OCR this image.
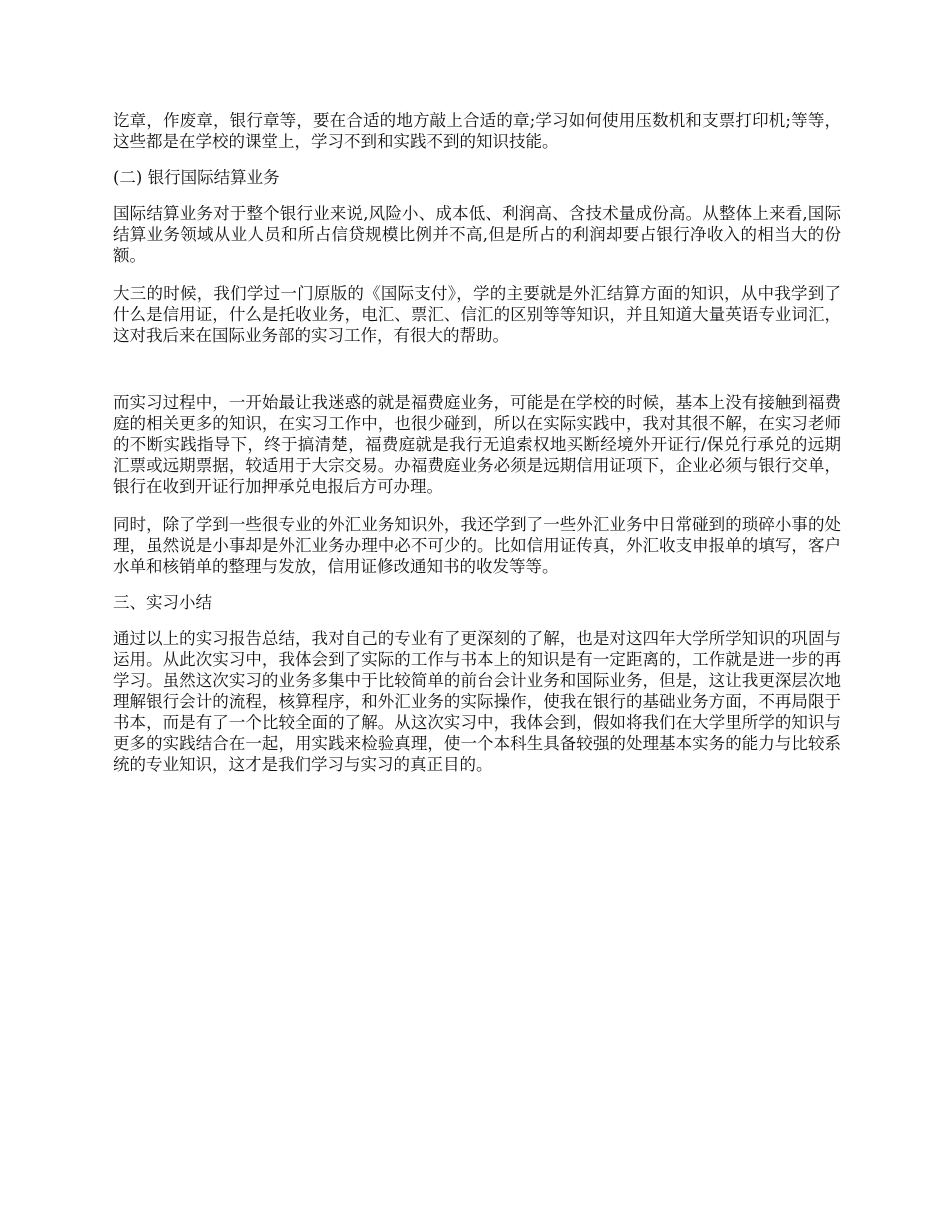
讫章，作废章，银行章等，要在合适的地方敲上合适的章;学习如何使用压数机和支票打印机;等等，这些都是在学校的课堂上，学习不到和实践不到的知识技能。

(二) 银行国际结算业务

国际结算业务对于整个银行业来说,风险小、成本低、利润高、含技术量成份高。从整体上来看,国际结算业务领域从业人员和所占信贷规模比例并不高,但是所占的利润却要占银行净收入的相当大的份额。

大三的时候，我们学过一门原版的《国际支付》，学的主要就是外汇结算方面的知识，从中我学到了什么是信用证，什么是托收业务，电汇、票汇、信汇的区别等等知识，并且知道大量英语专业词汇，这对我后来在国际业务部的实习工作，有很大的帮助。

而实习过程中，一开始最让我迷惑的就是福费庭业务，可能是在学校的时候，基本上没有接触到福费庭的相关更多的知识，在实习工作中，也很少碰到，所以在实际实践中，我对其很不解，在实习老师的不断实践指导下，终于搞清楚，福费庭就是我行无追索权地买断经境外开证行/保兑行承兑的远期汇票或远期票据，较适用于大宗交易。办福费庭业务必须是远期信用证项下，企业必须与银行交单，银行在收到开证行加押承兑电报后方可办理。

同时，除了学到一些很专业的外汇业务知识外，我还学到了一些外汇业务中日常碰到的琐碎小事的处理，虽然说是小事却是外汇业务办理中必不可少的。比如信用证传真，外汇收支申报单的填写，客户水单和核销单的整理与发放，信用证修改通知书的收发等等。

三、实习小结

通过以上的实习报告总结，我对自己的专业有了更深刻的了解，也是对这四年大学所学知识的巩固与运用。从此次实习中，我体会到了实际的工作与书本上的知识是有一定距离的，工作就是进一步的再学习。虽然这次实习的业务多集中于比较简单的前台会计业务和国际业务，但是，这让我更深层次地理解银行会计的流程，核算程序，和外汇业务的实际操作，使我在银行的基础业务方面，不再局限于书本，而是有了一个比较全面的了解。从这次实习中，我体会到，假如将我们在大学里所学的知识与更多的实践结合在一起，用实践来检验真理，使一个本科生具备较强的处理基本实务的能力与比较系统的专业知识，这才是我们学习与实习的真正目的。
